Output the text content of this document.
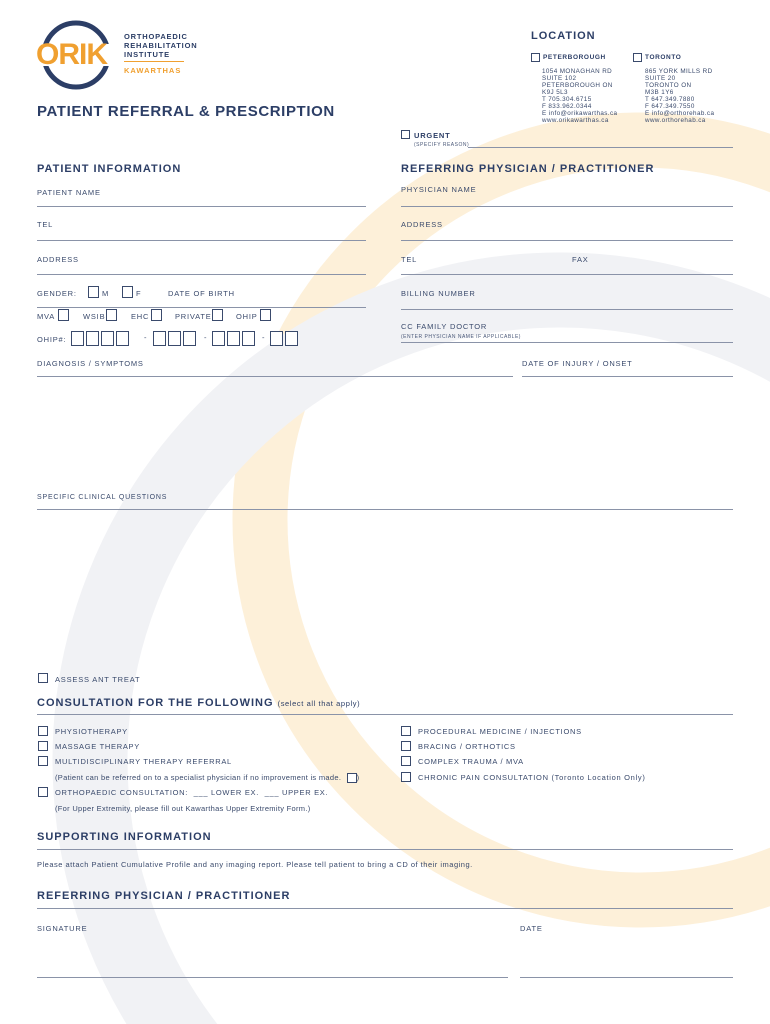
ORIK
ORTHOPAEDIC
REHABILITATION
INSTITUTE
KAWARTHAS
PATIENT REFERRAL & PRESCRIPTION
LOCATION
PETERBOROUGH
1054 MONAGHAN RD
SUITE 102
PETERBOROUGH ON
K9J 5L3
T 705.304.6715
F 833.962.0344
E info@orikawarthas.ca
www.orikawarthas.ca
TORONTO
865 YORK MILLS RD
SUITE 20
TORONTO ON
M3B 1Y6
T 647.349.7880
F 647.349.7550
E info@orthorehab.ca
www.orthorehab.ca
URGENT
(SPECIFY REASON)
PATIENT INFORMATION
PATIENT NAME
TEL
ADDRESS
GENDER:	M	F	DATE OF BIRTH
MVA	WSIB	EHC	PRIVATE	OHIP
OHIP#:	-	-	-
REFERRING PHYSICIAN / PRACTITIONER
PHYSICIAN NAME
ADDRESS
TEL	FAX
BILLING NUMBER
CC FAMILY DOCTOR
(ENTER PHYSICIAN NAME IF APPLICABLE)
DIAGNOSIS / SYMPTOMS	DATE OF INJURY / ONSET
SPECIFIC CLINICAL QUESTIONS
ASSESS ANT TREAT
CONSULTATION FOR THE FOLLOWING (select all that apply)
PHYSIOTHERAPY
MASSAGE THERAPY
MULTIDISCIPLINARY THERAPY REFERRAL
(Patient can be referred on to a specialist physician if no improvement is made. )
ORTHOPAEDIC CONSULTATION:  ___ LOWER EX.  ___ UPPER EX.
(For Upper Extremity, please fill out Kawarthas Upper Extremity Form.)
PROCEDURAL MEDICINE / INJECTIONS
BRACING / ORTHOTICS
COMPLEX TRAUMA / MVA
CHRONIC PAIN CONSULTATION (Toronto Location Only)
SUPPORTING INFORMATION
Please attach Patient Cumulative Profile and any imaging report. Please tell patient to bring a CD of their imaging.
REFERRING PHYSICIAN / PRACTITIONER
SIGNATURE	DATE
